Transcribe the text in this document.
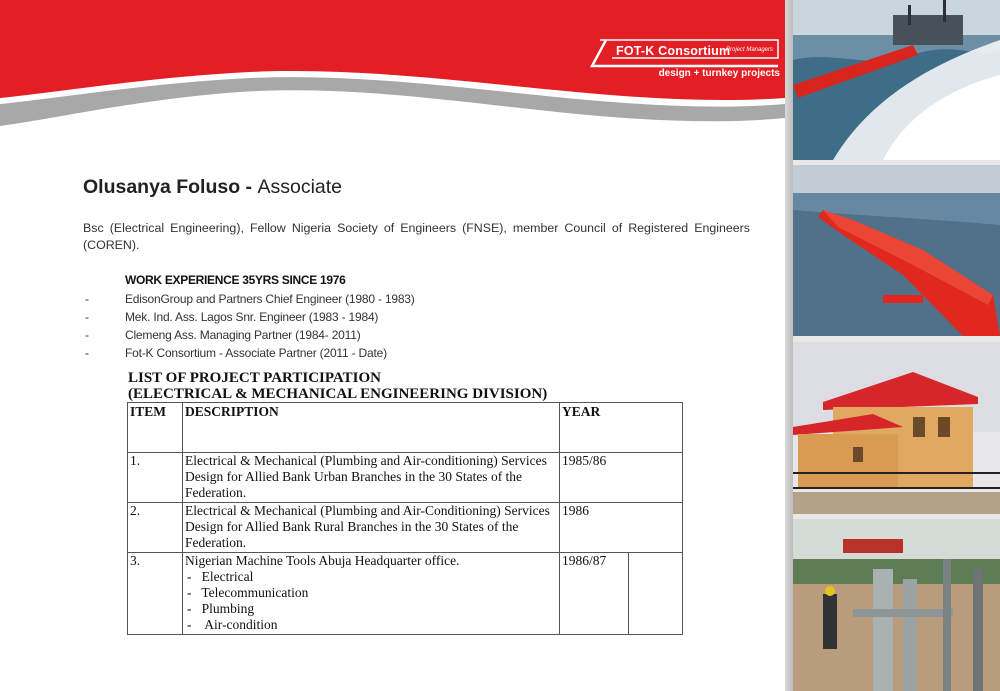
FOT-K Consortium
Project Managers
design + turnkey projects
Olusanya Foluso - Associate
Bsc (Electrical Engineering), Fellow Nigeria Society of Engineers (FNSE), member Council of Registered Engineers (COREN).
WORK EXPERIENCE 35YRS SINCE 1976
-	EdisonGroup and Partners Chief Engineer (1980 - 1983)
-	Mek. Ind. Ass. Lagos Snr. Engineer (1983 - 1984)
-	Clemeng Ass. Managing Partner (1984- 2011)
-	Fot-K Consortium - Associate Partner (2011 - Date)
LIST OF PROJECT PARTICIPATION
(ELECTRICAL & MECHANICAL ENGINEERING DIVISION)
ITEM	DESCRIPTION	YEAR	
1.	Electrical & Mechanical (Plumbing and Air-conditioning) Services Design for Allied Bank Urban Branches in the 30 States of the Federation.	1985/86	
2.	Electrical & Mechanical (Plumbing and Air-Conditioning) Services Design for Allied Bank Rural Branches in the 30 States of the Federation.	1986	
3.	Nigerian Machine Tools Abuja Headquarter office.
-   Electrical
-   Telecommunication
-   Plumbing
-    Air-condition	1986/87	
